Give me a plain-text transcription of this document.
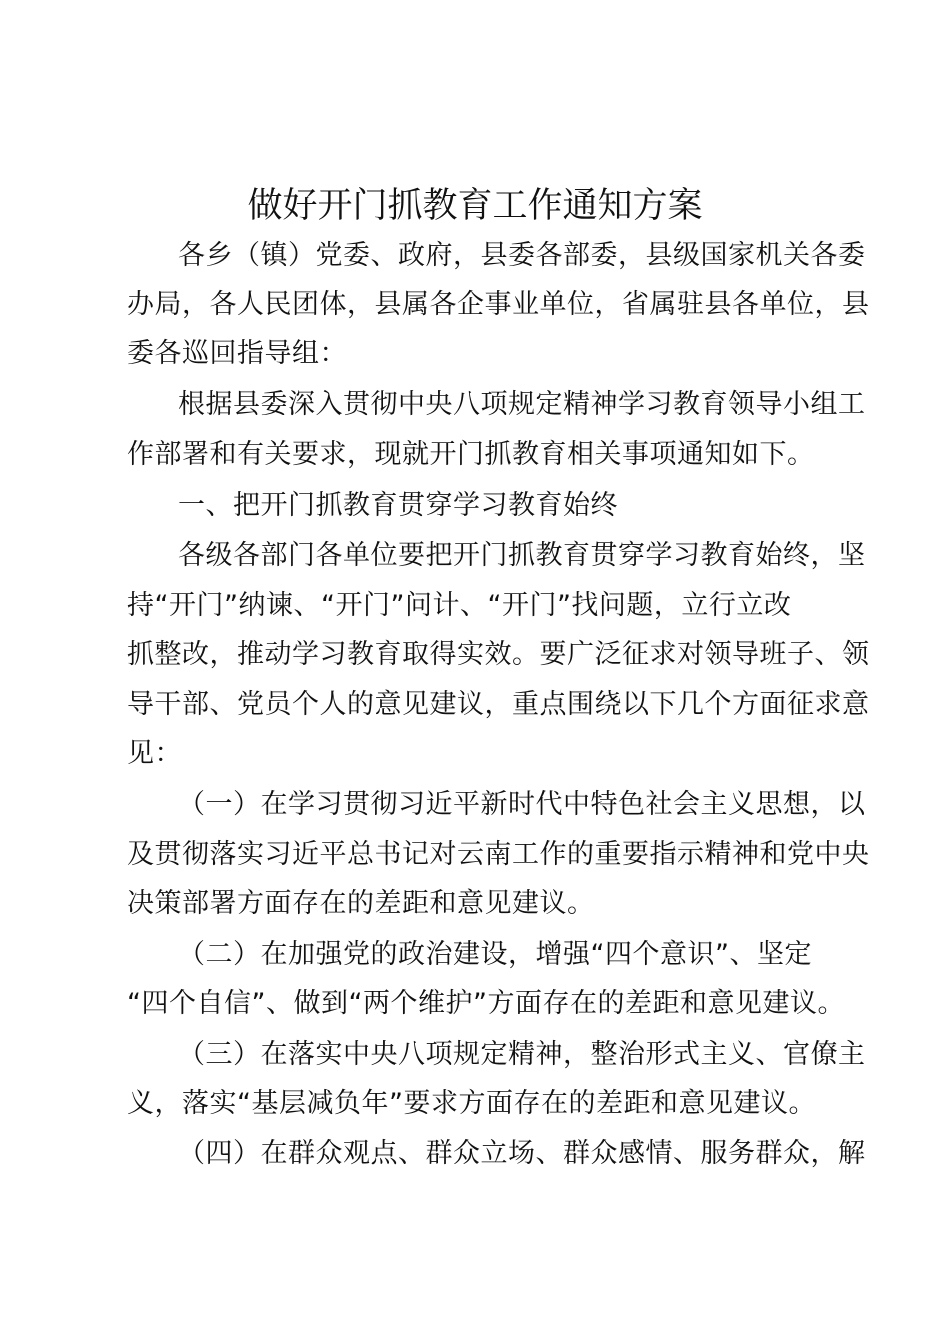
做好开门抓教育工作通知方案
各乡（镇）党委、政府，县委各部委，县级国家机关各委
办局，各人民团体，县属各企事业单位，省属驻县各单位，县
委各巡回指导组：
根据县委深入贯彻中央八项规定精神学习教育领导小组工
作部署和有关要求，现就开门抓教育相关事项通知如下。
一、把开门抓教育贯穿学习教育始终
各级各部门各单位要把开门抓教育贯穿学习教育始终，坚
持“开门”纳谏、“开门”问计、“开门”找问题，立行立改
抓整改，推动学习教育取得实效。要广泛征求对领导班子、领
导干部、党员个人的意见建议，重点围绕以下几个方面征求意
见：
（一）在学习贯彻习近平新时代中特色社会主义思想，以
及贯彻落实习近平总书记对云南工作的重要指示精神和党中央
决策部署方面存在的差距和意见建议。
（二）在加强党的政治建设，增强“四个意识”、坚定
“四个自信”、做到“两个维护”方面存在的差距和意见建议。
（三）在落实中央八项规定精神，整治形式主义、官僚主
义，落实“基层减负年”要求方面存在的差距和意见建议。
（四）在群众观点、群众立场、群众感情、服务群众，解
